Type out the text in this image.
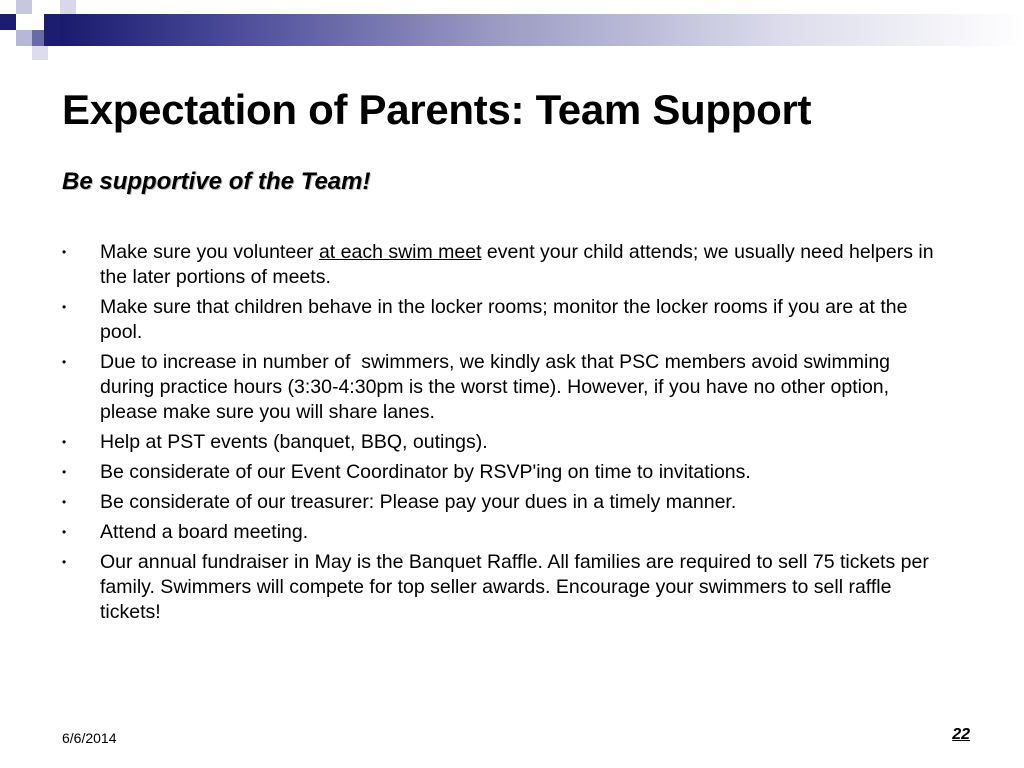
Expectation of Parents: Team Support
Be supportive of the Team!
• Make sure you volunteer at each swim meet event your child attends; we usually need helpers in the later portions of meets.
• Make sure that children behave in the locker rooms; monitor the locker rooms if you are at the pool.
• Due to increase in number of  swimmers, we kindly ask that PSC members avoid swimming during practice hours (3:30-4:30pm is the worst time). However, if you have no other option, please make sure you will share lanes.
• Help at PST events (banquet, BBQ, outings).
• Be considerate of our Event Coordinator by RSVP'ing on time to invitations.
• Be considerate of our treasurer: Please pay your dues in a timely manner.
• Attend a board meeting.
• Our annual fundraiser in May is the Banquet Raffle. All families are required to sell 75 tickets per family. Swimmers will compete for top seller awards. Encourage your swimmers to sell raffle tickets!
6/6/2014	22
